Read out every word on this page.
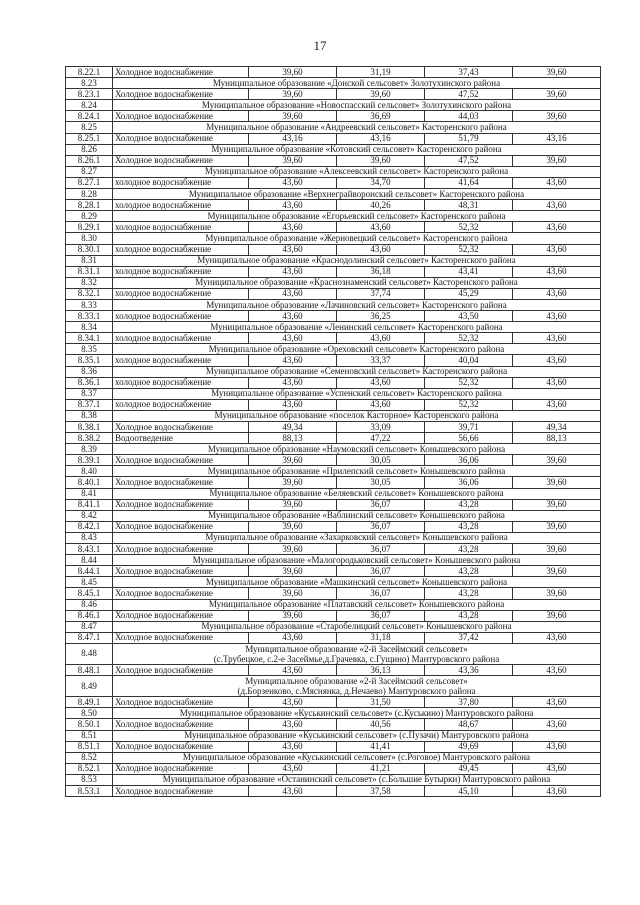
17
8.22.1	Холодное водоснабжение	39,60	31,19	37,43	39,60
8.23	Муниципальное образование «Донской сельсовет» Золотухинского района				

8.23.1	Холодное водоснабжение	39,60	39,60	47,52	39,60
8.24	Муниципальное образование «Новоспасский сельсовет» Золотухинского района				

8.24.1	Холодное водоснабжение	39,60	36,69	44,03	39,60
8.25	Муниципальное образование «Андреевский сельсовет» Касторенского района				

8.25.1	Холодное водоснабжение	43,16	43,16	51,79	43,16
8.26	Муниципальное образование «Котовский сельсовет» Касторенского района				

8.26.1	Холодное водоснабжение	39,60	39,60	47,52	39,60
8.27	Муниципальное образование «Алексеевский сельсовет» Касторенского района				

8.27.1	холодное водоснабжение	43,60	34,70	41,64	43,60
8.28	Муниципальное образование «Верхнеграйворонский сельсовет» Касторенского района				

8.28.1	холодное водоснабжение	43,60	40,26	48,31	43,60
8.29	Муниципальное образование «Егорьевский сельсовет» Касторенского района				

8.29.1	холодное водоснабжение	43,60	43,60	52,32	43,60
8.30	Муниципальное образование «Жерновецкий сельсовет» Касторенского района				

8.30.1	холодное водоснабжение	43,60	43,60	52,32	43,60
8.31	Муниципальное образование «Краснодолинский сельсовет» Касторенского района				

8.31.1	холодное водоснабжение	43,60	36,18	43,41	43,60
8.32	Муниципальное образование «Краснознаменский сельсовет» Касторенского района				

8.32.1	холодное водоснабжение	43,60	37,74	45,29	43,60
8.33	Муниципальное образование «Лачиновский сельсовет» Касторенского района				

8.33.1	холодное водоснабжение	43,60	36,25	43,50	43,60
8.34	Муниципальное образование «Ленинский сельсовет» Касторенского района				

8.34.1	холодное водоснабжение	43,60	43,60	52,32	43,60
8.35	Муниципальное образование «Ореховский сельсовет» Касторенского района				

8.35.1	холодное водоснабжение	43,60	33,37	40,04	43,60
8.36	Муниципальное образование «Семеновский сельсовет» Касторенского района				

8.36.1	холодное водоснабжение	43,60	43,60	52,32	43,60
8.37	Муниципальное образование «Успенский сельсовет» Касторенского района				

8.37.1	холодное водоснабжение	43,60	43,60	52,32	43,60
8.38	Муниципальное образование «поселок Касторное» Касторенского района				

8.38.1	Холодное водоснабжение	49,34	33,09	39,71	49,34
8.38.2	Водоотведение	88,13	47,22	56,66	88,13
8.39	Муниципальное образование «Наумовский сельсовет» Конышевского района				

8.39.1	Холодное водоснабжение	39,60	30,05	36,06	39,60
8.40	Муниципальное образование «Прилепский сельсовет» Конышевского района				

8.40.1	Холодное водоснабжение	39,60	30,05	36,06	39,60
8.41	Муниципальное образование «Беляевский сельсовет» Конышевского района				

8.41.1	Холодное водоснабжение	39,60	36,07	43,28	39,60
8.42	Муниципальное образование «Ваблинский сельсовет» Конышевского района				

8.42.1	Холодное водоснабжение	39,60	36,07	43,28	39,60
8.43	Муниципальное образование «Захарковский сельсовет» Конышевского района				

8.43.1	Холодное водоснабжение	39,60	36,07	43,28	39,60
8.44	Муниципальное образование «Малогородьковский сельсовет» Конышевского района				

8.44.1	Холодное водоснабжение	39,60	36,07	43,28	39,60
8.45	Муниципальное образование «Машкинский сельсовет» Конышевского района				

8.45.1	Холодное водоснабжение	39,60	36,07	43,28	39,60
8.46	Муниципальное образование «Платавский сельсовет» Конышевского района				

8.46.1	Холодное водоснабжение	39,60	36,07	43,28	39,60
8.47	Муниципальное образование «Старобелицкий сельсовет» Конышевского района				

8.47.1	Холодное водоснабжение	43,60	31,18	37,42	43,60
8.48	Муниципальное образование «2-й Засеймский сельсовет»
(с.Трубецкое, с.2-е Засеймье,д.Грачевка, с.Гущино) Мантуровского района				

8.48.1	Холодное водоснабжение	43,60	36,13	43,36	43,60
8.49	Муниципальное образование «2-й Засеймский сельсовет»
(д.Борзенково, с.Мяснянка, д.Нечаево) Мантуровского района				

8.49.1	Холодное водоснабжение	43,60	31,50	37,80	43,60
8.50	Муниципальное образование «Куськинский сельсовет» (с.Куськино) Мантуровского района				

8.50.1	Холодное водоснабжение	43,60	40,56	48,67	43,60
8.51	Муниципальное образование «Куськинский сельсовет» (с.Пузачи) Мантуровского района				

8.51.1	Холодное водоснабжение	43,60	41,41	49,69	43,60
8.52	Муниципальное образование «Куськинский сельсовет» (с.Роговое) Мантуровского района				

8.52.1	Холодное водоснабжение	43,60	41,21	49,45	43,60
8.53	Муниципальное образование «Останинский сельсовет» (с.Большие Бутырки) Мантуровского района				

8.53.1	Холодное водоснабжение	43,60	37,58	45,10	43,60
